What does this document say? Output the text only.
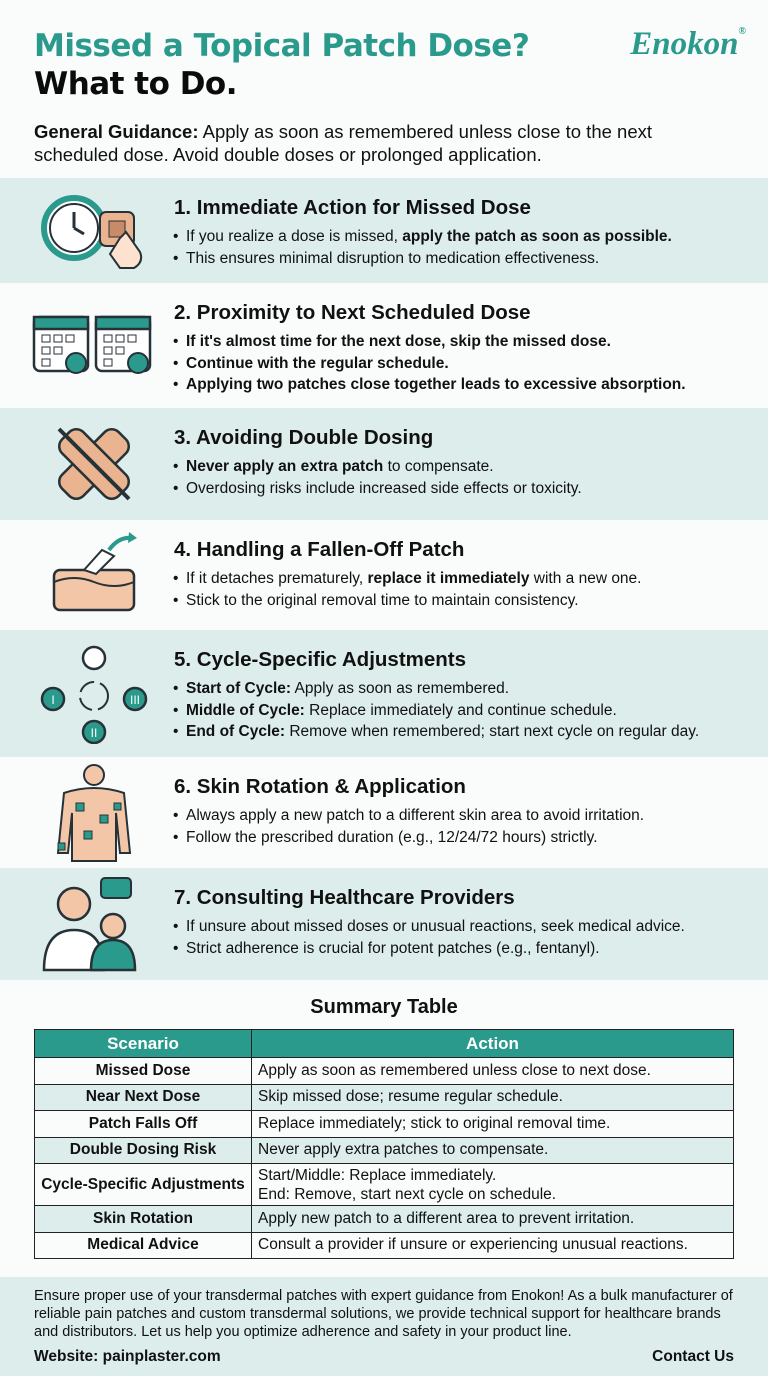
Missed a Topical Patch Dose?
What to Do.
Enokon®
General Guidance: Apply as soon as remembered unless close to the next scheduled dose. Avoid double doses or prolonged application.
1. Immediate Action for Missed Dose
• If you realize a dose is missed, apply the patch as soon as possible.
• This ensures minimal disruption to medication effectiveness.
2. Proximity to Next Scheduled Dose
• If it's almost time for the next dose, skip the missed dose.
• Continue with the regular schedule.
• Applying two patches close together leads to excessive absorption.
3. Avoiding Double Dosing
• Never apply an extra patch to compensate.
• Overdosing risks include increased side effects or toxicity.
4. Handling a Fallen-Off Patch
• If it detaches prematurely, replace it immediately with a new one.
• Stick to the original removal time to maintain consistency.
I
II
III
5. Cycle-Specific Adjustments
• Start of Cycle: Apply as soon as remembered.
• Middle of Cycle: Replace immediately and continue schedule.
• End of Cycle: Remove when remembered; start next cycle on regular day.
6. Skin Rotation & Application
• Always apply a new patch to a different skin area to avoid irritation.
• Follow the prescribed duration (e.g., 12/24/72 hours) strictly.
7. Consulting Healthcare Providers
• If unsure about missed doses or unusual reactions, seek medical advice.
• Strict adherence is crucial for potent patches (e.g., fentanyl).
Summary Table
Scenario	Action
Missed Dose	Apply as soon as remembered unless close to next dose.

Near Next Dose	Skip missed dose; resume regular schedule.

Patch Falls Off	Replace immediately; stick to original removal time.

Double Dosing Risk	Never apply extra patches to compensate.

Cycle-Specific Adjustments	Start/Middle: Replace immediately.
End: Remove, start next cycle on schedule.

Skin Rotation	Apply new patch to a different area to prevent irritation.

Medical Advice	Consult a provider if unsure or experiencing unusual reactions.

Ensure proper use of your transdermal patches with expert guidance from Enokon! As a bulk manufacturer of reliable pain patches and custom transdermal solutions, we provide technical support for healthcare brands and distributors. Let us help you optimize adherence and safety in your product line.

Website: painplaster.com	Contact Us
